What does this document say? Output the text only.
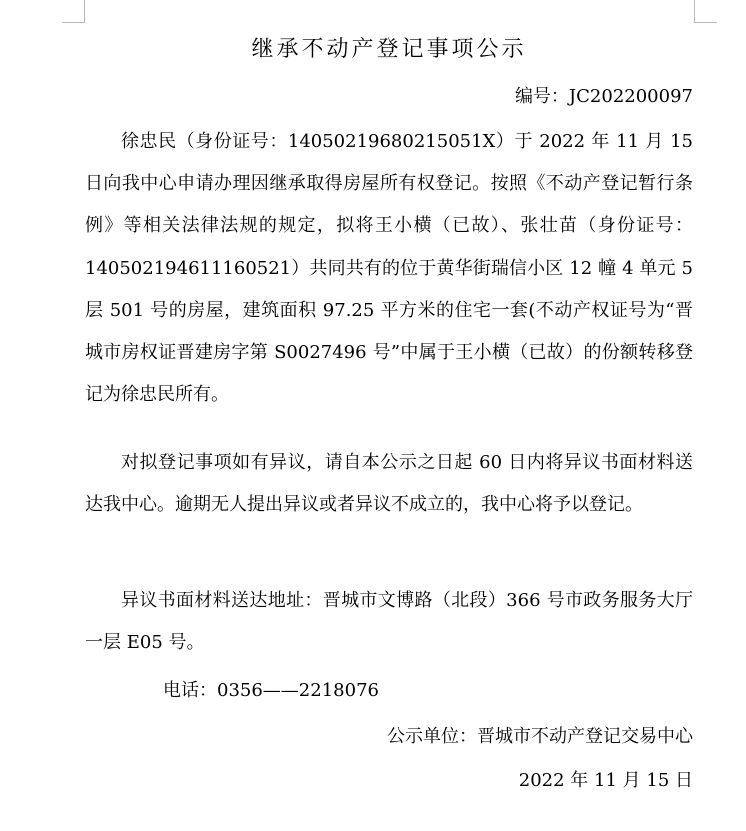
继承不动产登记事项公示
编号：JC202200097

徐忠民（身份证号：14050219680215051X）于 2022 年 11 月 15 日向我中心申请办理因继承取得房屋所有权登记。按照《不动产登记暂行条例》等相关法律法规的规定，拟将王小横（已故）、张壮苗（身份证号：140502194611160521）共同共有的位于黄华街瑞信小区 12 幢 4 单元 5 层 501 号的房屋，建筑面积 97.25 平方米的住宅一套(不动产权证号为“晋城市房权证晋建房字第 S0027496 号”中属于王小横（已故）的份额转移登记为徐忠民所有。

对拟登记事项如有异议，请自本公示之日起 60 日内将异议书面材料送达我中心。逾期无人提出异议或者异议不成立的，我中心将予以登记。

异议书面材料送达地址：晋城市文博路（北段）366 号市政务服务大厅一层 E05 号。

电话：0356——2218076
公示单位：晋城市不动产登记交易中心
2022 年 11 月 15 日
